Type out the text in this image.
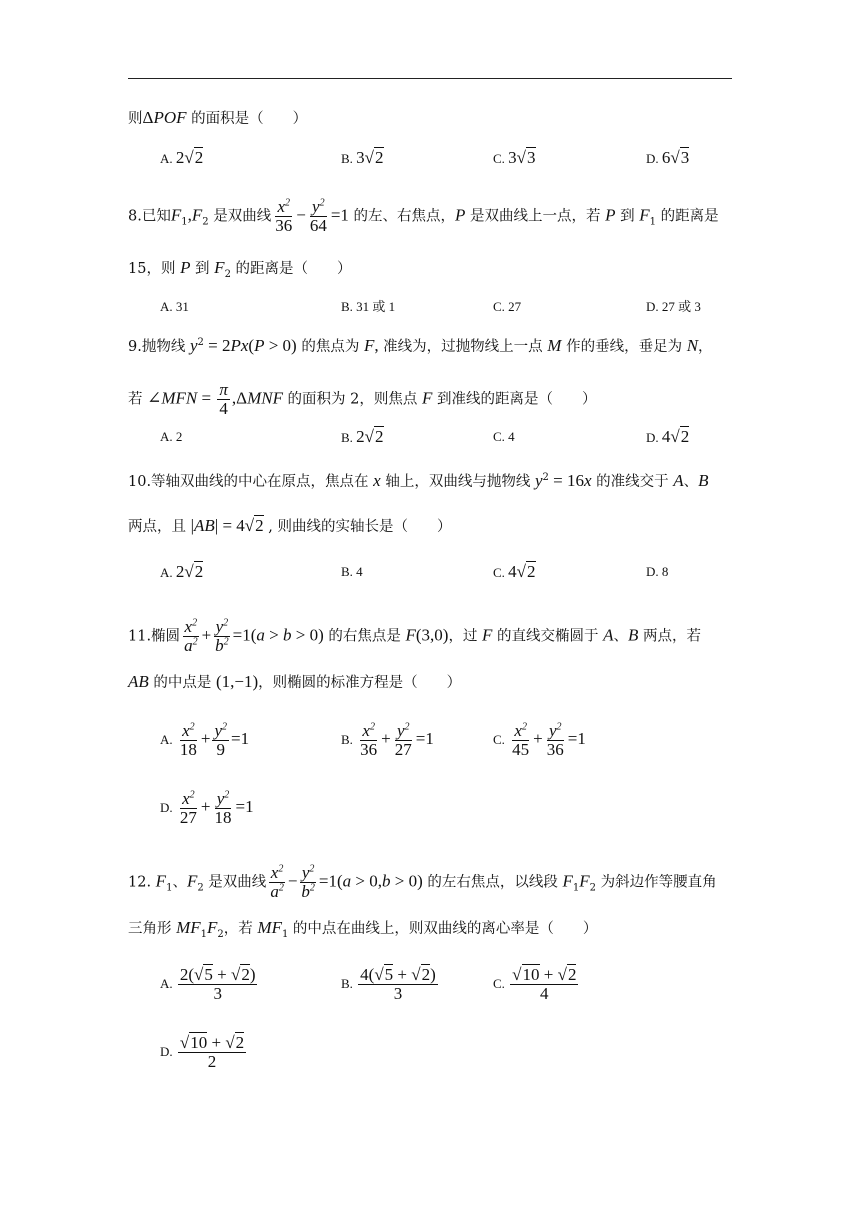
则ΔPOF 的面积是（　　）
A. 2√2	B. 3√2	C. 3√3	D. 6√3
8.已知$F_1,F_2$ 是双曲线 $\frac{x^2}{36} - \frac{y^2}{64} =1$ 的左、右焦点，P 是双曲线上一点，若 P 到 $F_1$ 的距离是
15，则 P 到 $F_2$ 的距离是（　　）
A. 31	B. 31 或 1	C. 27	D. 27 或 3
9.抛物线 $y^2 = 2Px(P > 0)$ 的焦点为 F, 准线为，过抛物线上一点 M 作的垂线，垂足为 N，
若 ∠MFN = $\frac{\pi}{4} ,\Delta MNF$ 的面积为 2，则焦点 F 到准线的距离是（　　）
A. 2	B. 2√2	C. 4	D. 4√2
10.等轴双曲线的中心在原点，焦点在 x 轴上，双曲线与抛物线 $y^2 = 16x$ 的准线交于 A、B
两点，且 |AB| = 4√2 , 则曲线的实轴长是（　　）
A. 2√2	B. 4	C. 4√2	D. 8
11.椭圆 $\frac{x^2}{a^2} + \frac{y^2}{b^2} =1(a > b > 0)$ 的右焦点是 F(3,0)，过 F 的直线交椭圆于 A、B 两点，若
AB 的中点是 (1,−1)，则椭圆的标准方程是（　　）
A. $\frac{x^2}{18} + \frac{y^2}{9} =1$	B. $\frac{x^2}{36} + \frac{y^2}{27} =1$	C. $\frac{x^2}{45} + \frac{y^2}{36} =1$
D. $\frac{x^2}{27} + \frac{y^2}{18} =1$
12. $F_1$、$F_2$ 是双曲线 $\frac{x^2}{a^2} - \frac{y^2}{b^2} =1(a > 0,b > 0)$ 的左右焦点，以线段 $F_1F_2$ 为斜边作等腰直角
三角形 $MF_1F_2$，若 $MF_1$ 的中点在曲线上，则双曲线的离心率是（　　）
A. $\frac{2(√5 + √2)}{3}$	B. $\frac{4(√5 + √2)}{3}$	C. $\frac{√10 + √2}{4}$
D. $\frac{√10 + √2}{2}$
